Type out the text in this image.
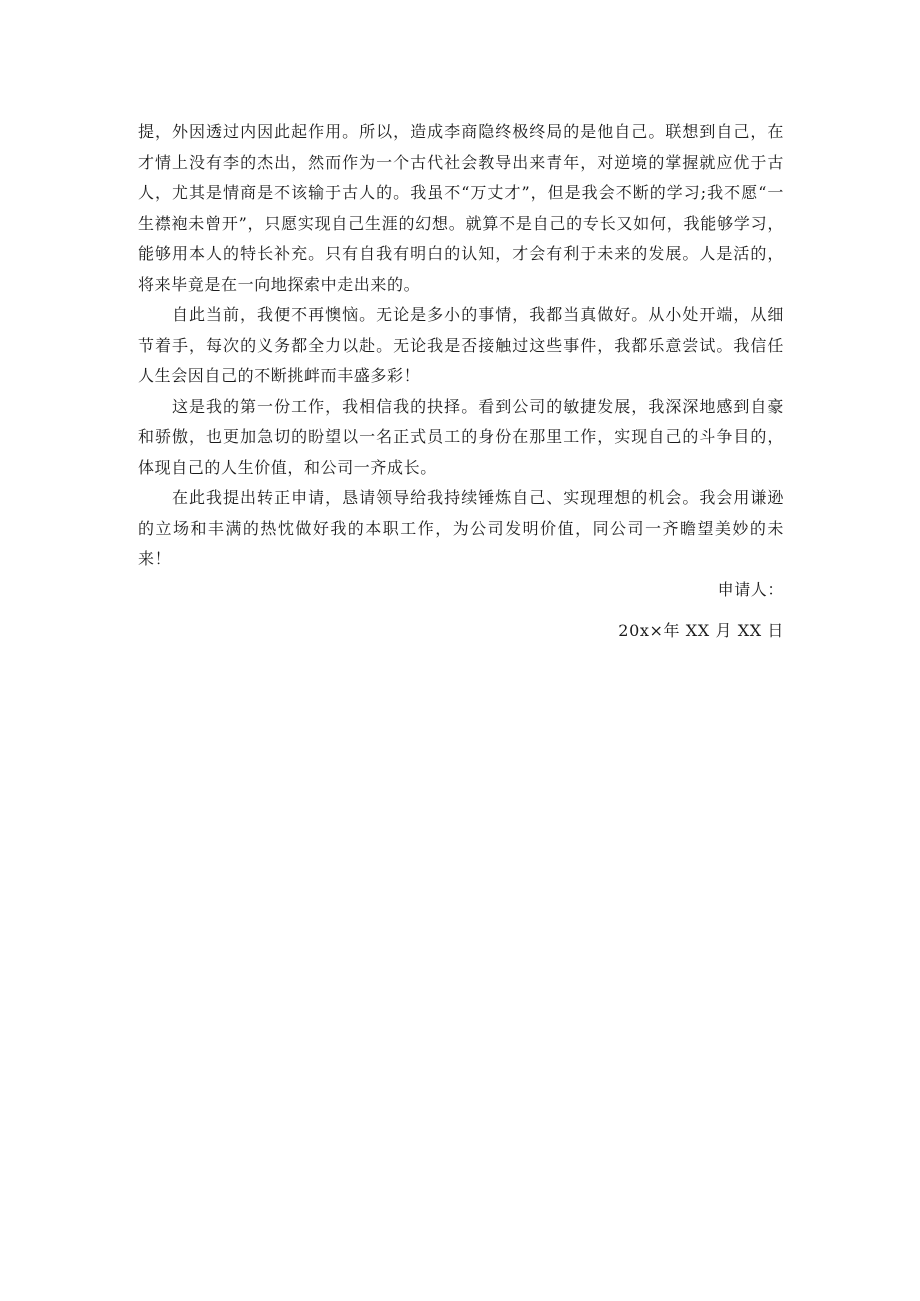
提，外因透过内因此起作用。所以，造成李商隐终极终局的是他自己。联想到自己，在才情上没有李的杰出，然而作为一个古代社会教导出来青年，对逆境的掌握就应优于古人，尤其是情商是不该输于古人的。我虽不“万丈才”，但是我会不断的学习;我不愿“一生襟袍未曾开”，只愿实现自己生涯的幻想。就算不是自己的专长又如何，我能够学习，能够用本人的特长补充。只有自我有明白的认知，才会有利于未来的发展。人是活的，将来毕竟是在一向地探索中走出来的。

自此当前，我便不再懊恼。无论是多小的事情，我都当真做好。从小处开端，从细节着手，每次的义务都全力以赴。无论我是否接触过这些事件，我都乐意尝试。我信任人生会因自己的不断挑衅而丰盛多彩！

这是我的第一份工作，我相信我的抉择。看到公司的敏捷发展，我深深地感到自豪和骄傲，也更加急切的盼望以一名正式员工的身份在那里工作，实现自己的斗争目的，体现自己的人生价值，和公司一齐成长。

在此我提出转正申请，恳请领导给我持续锤炼自己、实现理想的机会。我会用谦逊的立场和丰满的热忱做好我的本职工作，为公司发明价值，同公司一齐瞻望美妙的未来！

申请人：

20x×年 XX 月 XX 日
